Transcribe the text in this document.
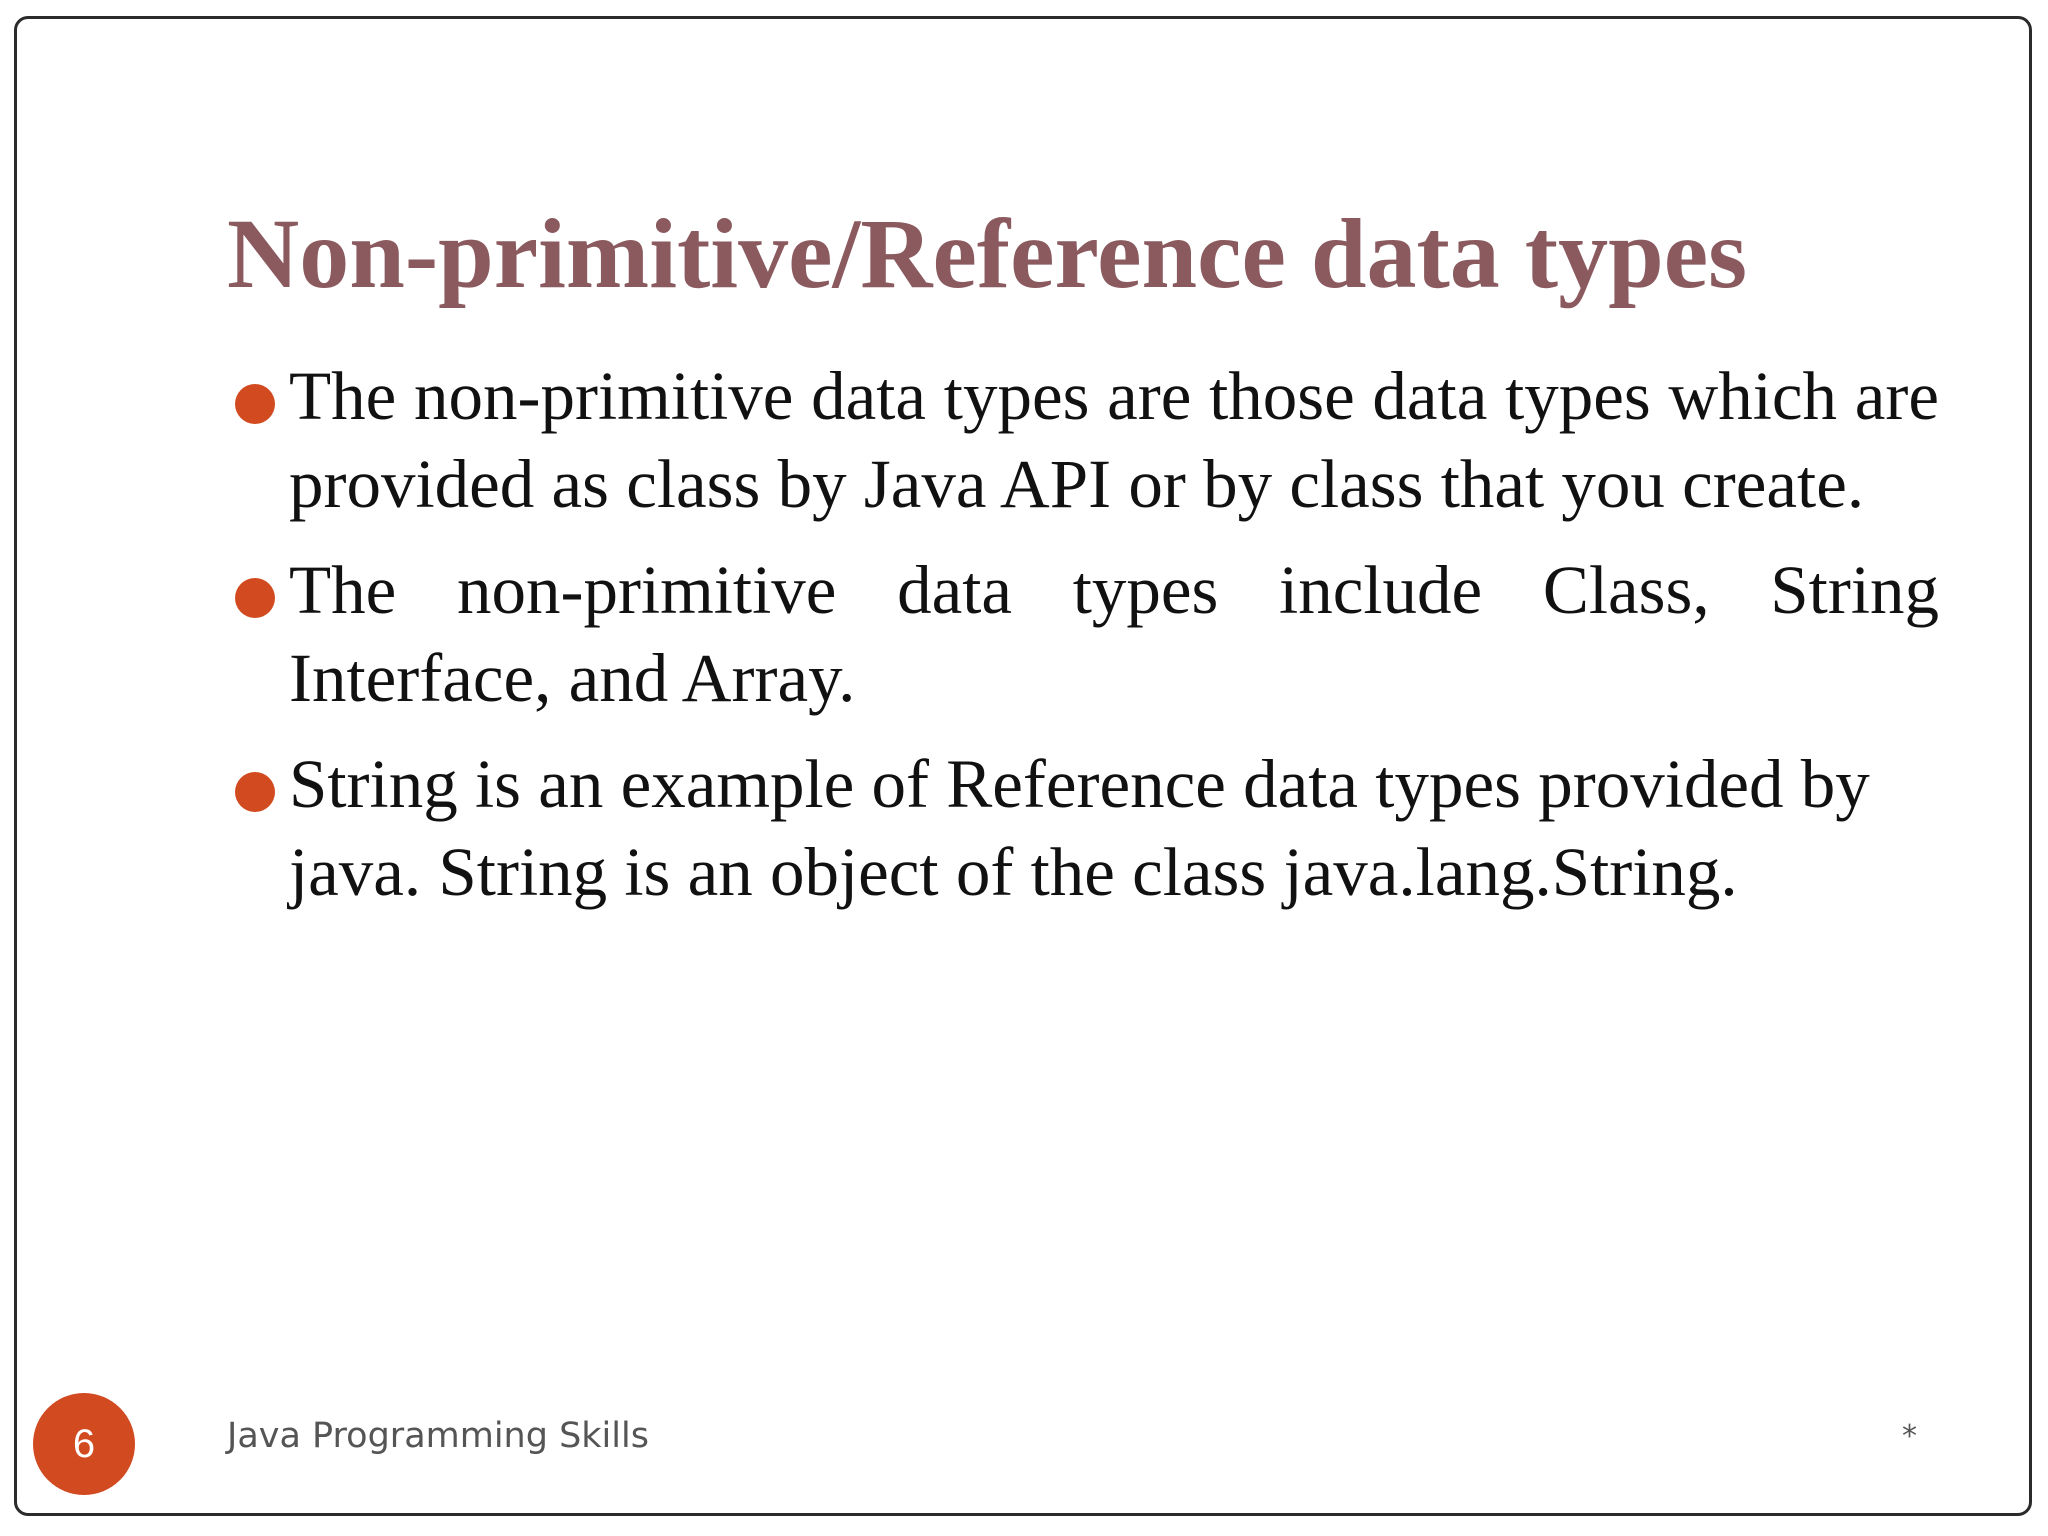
Non-primitive/Reference data types
The non-primitive data types are those data types which are provided as class by Java API or by class that you create.
The non-primitive data types include Class, String Interface, and Array.
String is an example of Reference data types provided by java. String is an object of the class java.lang.String.
6	Java Programming Skills	*
